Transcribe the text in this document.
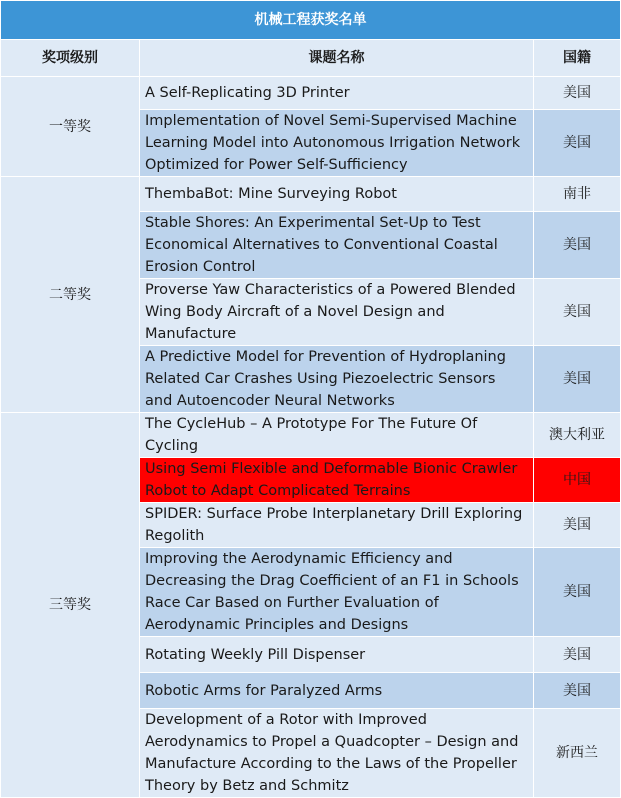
机械工程获奖名单		
奖项级别	课题名称	国籍
一等奖	A Self-Replicating 3D Printer	美国
	Implementation of Novel Semi-Supervised Machine Learning Model into Autonomous Irrigation Network Optimized for Power Self-Sufficiency	美国
二等奖	ThembaBot: Mine Surveying Robot	南非
	Stable Shores: An Experimental Set-Up to Test Economical Alternatives to Conventional Coastal Erosion Control	美国
	Proverse Yaw Characteristics of a Powered Blended Wing Body Aircraft of a Novel Design and Manufacture	美国
	A Predictive Model for Prevention of Hydroplaning Related Car Crashes Using Piezoelectric Sensors and Autoencoder Neural Networks	美国
三等奖	The CycleHub – A Prototype For The Future Of Cycling	澳大利亚
	Using Semi Flexible and Deformable Bionic Crawler Robot to Adapt Complicated Terrains	中国
	SPIDER: Surface Probe Interplanetary Drill Exploring Regolith	美国
	Improving the Aerodynamic Efficiency and Decreasing the Drag Coefficient of an F1 in Schools Race Car Based on Further Evaluation of Aerodynamic Principles and Designs	美国
	Rotating Weekly Pill Dispenser	美国
	Robotic Arms for Paralyzed Arms	美国
	Development of a Rotor with Improved Aerodynamics to Propel a Quadcopter – Design and Manufacture According to the Laws of the Propeller Theory by Betz and Schmitz	新西兰
